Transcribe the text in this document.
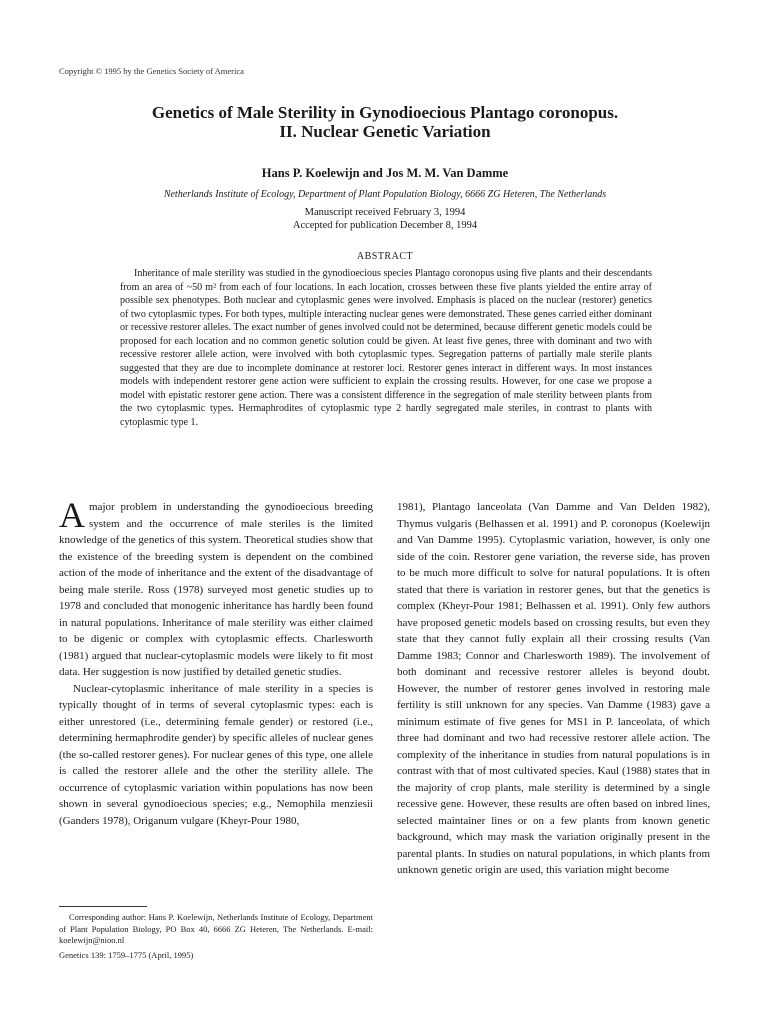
Copyright © 1995 by the Genetics Society of America
Genetics of Male Sterility in Gynodioecious Plantago coronopus.
II. Nuclear Genetic Variation
Hans P. Koelewijn and Jos M. M. Van Damme
Netherlands Institute of Ecology, Department of Plant Population Biology, 6666 ZG Heteren, The Netherlands
Manuscript received February 3, 1994
Accepted for publication December 8, 1994
ABSTRACT

Inheritance of male sterility was studied in the gynodioecious species Plantago coronopus using five plants and their descendants from an area of ~50 m² from each of four locations. In each location, crosses between these five plants yielded the entire array of possible sex phenotypes. Both nuclear and cytoplasmic genes were involved. Emphasis is placed on the nuclear (restorer) genetics of two cytoplasmic types. For both types, multiple interacting nuclear genes were demonstrated. These genes carried either dominant or recessive restorer alleles. The exact number of genes involved could not be determined, because different genetic models could be proposed for each location and no common genetic solution could be given. At least five genes, three with dominant and two with recessive restorer allele action, were involved with both cytoplasmic types. Segregation patterns of partially male sterile plants suggested that they are due to incomplete dominance at restorer loci. Restorer genes interact in different ways. In most instances models with independent restorer gene action were sufficient to explain the crossing results. However, for one case we propose a model with epistatic restorer gene action. There was a consistent difference in the segregation of male sterility between plants from the two cytoplasmic types. Hermaphrodites of cytoplasmic type 2 hardly segregated male steriles, in contrast to plants with cytoplasmic type 1.

Amajor problem in understanding the gynodioecious breeding system and the occurrence of male steriles is the limited knowledge of the genetics of this system. Theoretical studies show that the existence of the breeding system is dependent on the combined action of the mode of inheritance and the extent of the disadvantage of being male sterile. Ross (1978) surveyed most genetic studies up to 1978 and concluded that monogenic inheritance has hardly been found in natural populations. Inheritance of male sterility was either claimed to be digenic or complex with cytoplasmic effects. Charlesworth (1981) argued that nuclear-cytoplasmic models were likely to fit most data. Her suggestion is now justified by detailed genetic studies.

Nuclear-cytoplasmic inheritance of male sterility in a species is typically thought of in terms of several cytoplasmic types: each is either unrestored (i.e., determining female gender) or restored (i.e., determining hermaphrodite gender) by specific alleles of nuclear genes (the so-called restorer genes). For nuclear genes of this type, one allele is called the restorer allele and the other the sterility allele. The occurrence of cytoplasmic variation within populations has now been shown in several gynodioecious species; e.g., Nemophila menziesii (Ganders 1978), Origanum vulgare (Kheyr-Pour 1980,

1981), Plantago lanceolata (Van Damme and Van Delden 1982), Thymus vulgaris (Belhassen et al. 1991) and P. coronopus (Koelewijn and Van Damme 1995). Cytoplasmic variation, however, is only one side of the coin. Restorer gene variation, the reverse side, has proven to be much more difficult to solve for natural populations. It is often stated that there is variation in restorer genes, but that the genetics is complex (Kheyr-Pour 1981; Belhassen et al. 1991). Only few authors have proposed genetic models based on crossing results, but even they state that they cannot fully explain all their crossing results (Van Damme 1983; Connor and Charlesworth 1989). The involvement of both dominant and recessive restorer alleles is beyond doubt. However, the number of restorer genes involved in restoring male fertility is still unknown for any species. Van Damme (1983) gave a minimum estimate of five genes for MS1 in P. lanceolata, of which three had dominant and two had recessive restorer allele action. The complexity of the inheritance in studies from natural populations is in contrast with that of most cultivated species. Kaul (1988) states that in the majority of crop plants, male sterility is determined by a single recessive gene. However, these results are often based on inbred lines, selected maintainer lines or on a few plants from known genetic background, which may mask the variation originally present in the parental plants. In studies on natural populations, in which plants from unknown genetic origin are used, this variation might become

Corresponding author: Hans P. Koelewijn, Netherlands Institute of Ecology, Department of Plant Population Biology, PO Box 40, 6666 ZG Heteren, The Netherlands. E-mail: koelewijn@nioo.nl

Genetics 139: 1759–1775 (April, 1995)
